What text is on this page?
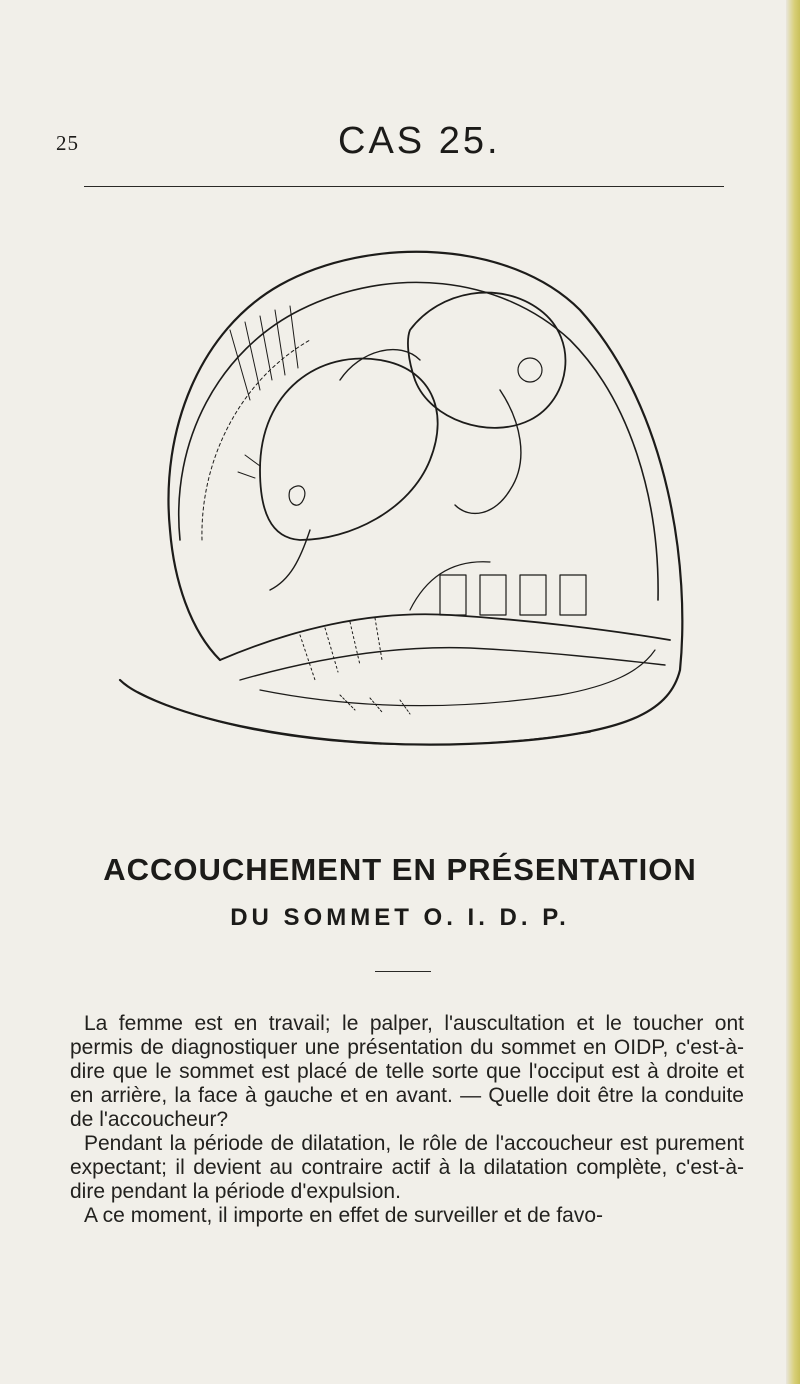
25	CAS 25.
ACCOUCHEMENT EN PRÉSENTATION
DU SOMMET O. I. D. P.

La femme est en travail; le palper, l'auscultation et le toucher ont permis de diagnostiquer une présentation du sommet en OIDP, c'est-à-dire que le sommet est placé de telle sorte que l'occiput est à droite et en arrière, la face à gauche et en avant. — Quelle doit être la conduite de l'accoucheur?

Pendant la période de dilatation, le rôle de l'accoucheur est purement expectant; il devient au contraire actif à la dilatation complète, c'est-à-dire pendant la période d'expulsion.

A ce moment, il importe en effet de surveiller et de favo-
